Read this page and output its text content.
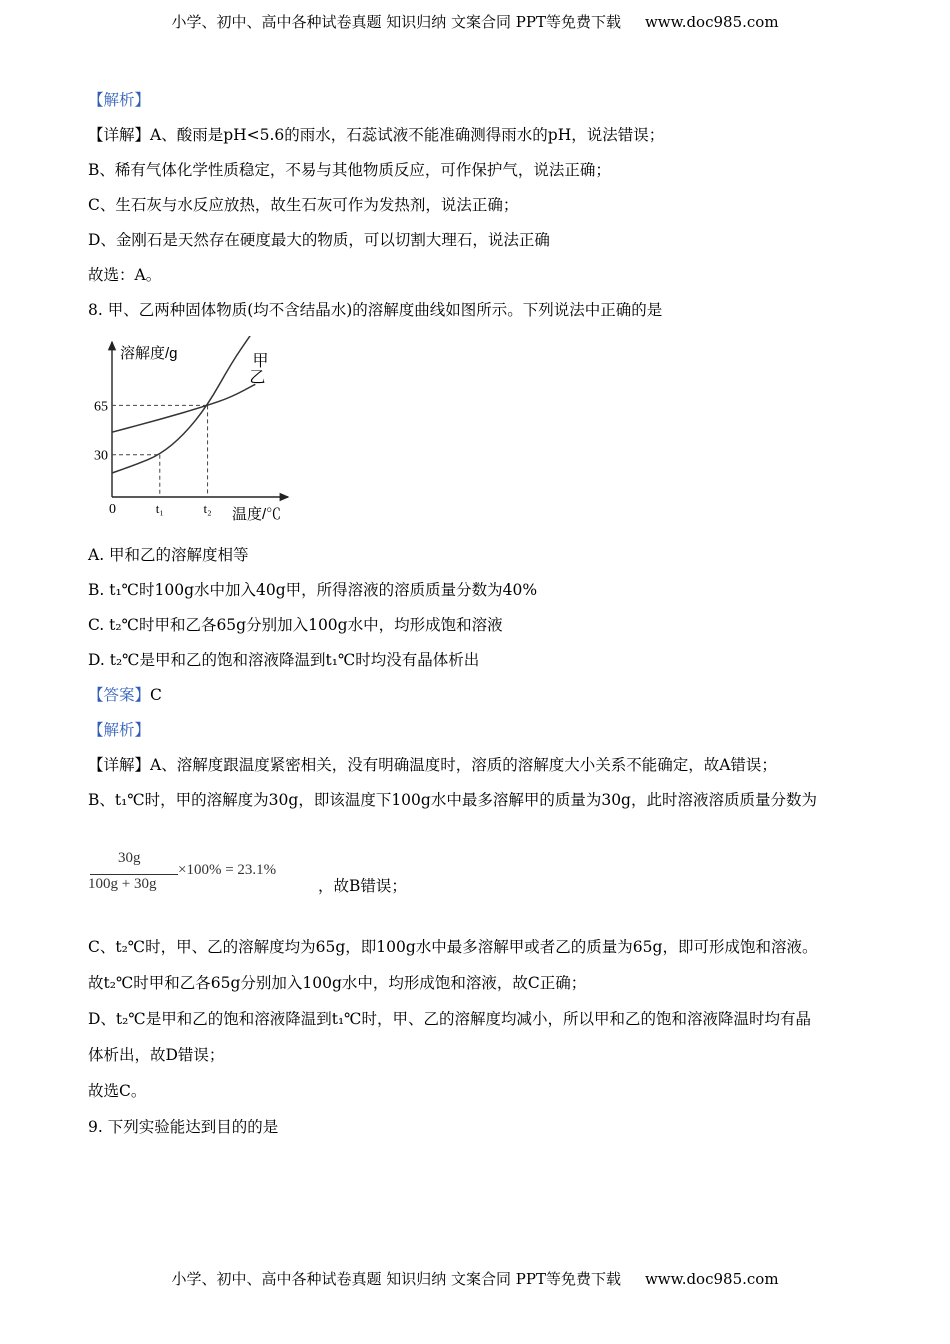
小学、初中、高中各种试卷真题 知识归纳 文案合同 PPT等免费下载 www.doc985.com
【解析】
【详解】A、酸雨是pH<5.6的雨水，石蕊试液不能准确测得雨水的pH，说法错误；
B、稀有气体化学性质稳定，不易与其他物质反应，可作保护气，说法正确；
C、生石灰与水反应放热，故生石灰可作为发热剂，说法正确；
D、金刚石是天然存在硬度最大的物质，可以切割大理石，说法正确
故选：A。
8. 甲、乙两种固体物质(均不含结晶水)的溶解度曲线如图所示。下列说法中正确的是
溶解度/g
温度/℃
0
甲
乙
30
65
t₁	t₂
A. 甲和乙的溶解度相等
B. t₁℃时100g水中加入40g甲，所得溶液的溶质质量分数为40%
C. t₂℃时甲和乙各65g分别加入100g水中，均形成饱和溶液
D. t₂℃是甲和乙的饱和溶液降温到t₁℃时均没有晶体析出
【答案】C
【解析】
【详解】A、溶解度跟温度紧密相关，没有明确温度时，溶质的溶解度大小关系不能确定，故A错误；
B、t₁℃时，甲的溶解度为30g，即该温度下100g水中最多溶解甲的质量为30g，此时溶液溶质质量分数为
30g
100g + 30g
×100% = 23.1%
，故B错误；
C、t₂℃时，甲、乙的溶解度均为65g，即100g水中最多溶解甲或者乙的质量为65g，即可形成饱和溶液。
故t₂℃时甲和乙各65g分别加入100g水中，均形成饱和溶液，故C正确；
D、t₂℃是甲和乙的饱和溶液降温到t₁℃时，甲、乙的溶解度均减小，所以甲和乙的饱和溶液降温时均有晶
体析出，故D错误；
故选C。
9. 下列实验能达到目的的是
小学、初中、高中各种试卷真题 知识归纳 文案合同 PPT等免费下载 www.doc985.com
